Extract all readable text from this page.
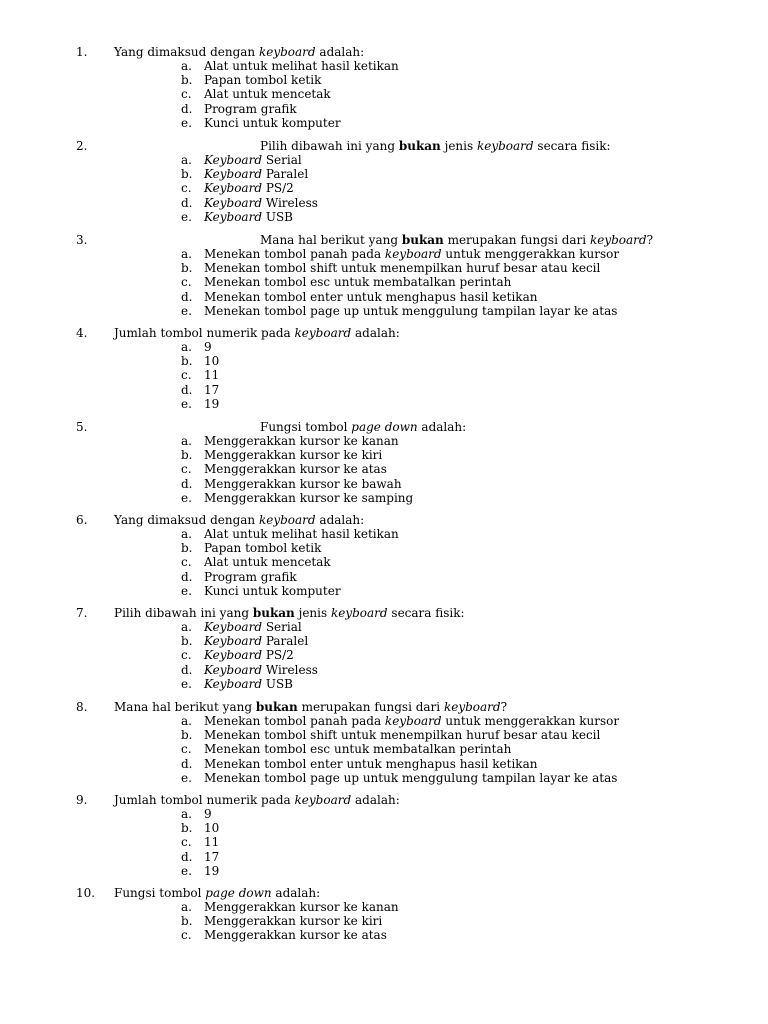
1. Yang dimaksud dengan keyboard adalah:
a. Alat untuk melihat hasil ketikan
b. Papan tombol ketik
c. Alat untuk mencetak
d. Program grafik
e. Kunci untuk komputer
2.	Pilih dibawah ini yang bukan jenis keyboard secara fisik:
a. Keyboard Serial
b. Keyboard Paralel
c. Keyboard PS/2
d. Keyboard Wireless
e. Keyboard USB
3.	Mana hal berikut yang bukan merupakan fungsi dari keyboard?
a. Menekan tombol panah pada keyboard untuk menggerakkan kursor
b. Menekan tombol shift untuk menempilkan huruf besar atau kecil
c. Menekan tombol esc untuk membatalkan perintah
d. Menekan tombol enter untuk menghapus hasil ketikan
e. Menekan tombol page up untuk menggulung tampilan layar ke atas
4. Jumlah tombol numerik pada keyboard adalah:
a. 9
b. 10
c. 11
d. 17
e. 19
5.	Fungsi tombol page down adalah:
a. Menggerakkan kursor ke kanan
b. Menggerakkan kursor ke kiri
c. Menggerakkan kursor ke atas
d. Menggerakkan kursor ke bawah
e. Menggerakkan kursor ke samping
6. Yang dimaksud dengan keyboard adalah:
a. Alat untuk melihat hasil ketikan
b. Papan tombol ketik
c. Alat untuk mencetak
d. Program grafik
e. Kunci untuk komputer
7. Pilih dibawah ini yang bukan jenis keyboard secara fisik:
a. Keyboard Serial
b. Keyboard Paralel
c. Keyboard PS/2
d. Keyboard Wireless
e. Keyboard USB
8. Mana hal berikut yang bukan merupakan fungsi dari keyboard?
a. Menekan tombol panah pada keyboard untuk menggerakkan kursor
b. Menekan tombol shift untuk menempilkan huruf besar atau kecil
c. Menekan tombol esc untuk membatalkan perintah
d. Menekan tombol enter untuk menghapus hasil ketikan
e. Menekan tombol page up untuk menggulung tampilan layar ke atas
9. Jumlah tombol numerik pada keyboard adalah:
a. 9
b. 10
c. 11
d. 17
e. 19
10. Fungsi tombol page down adalah:
a. Menggerakkan kursor ke kanan
b. Menggerakkan kursor ke kiri
c. Menggerakkan kursor ke atas
